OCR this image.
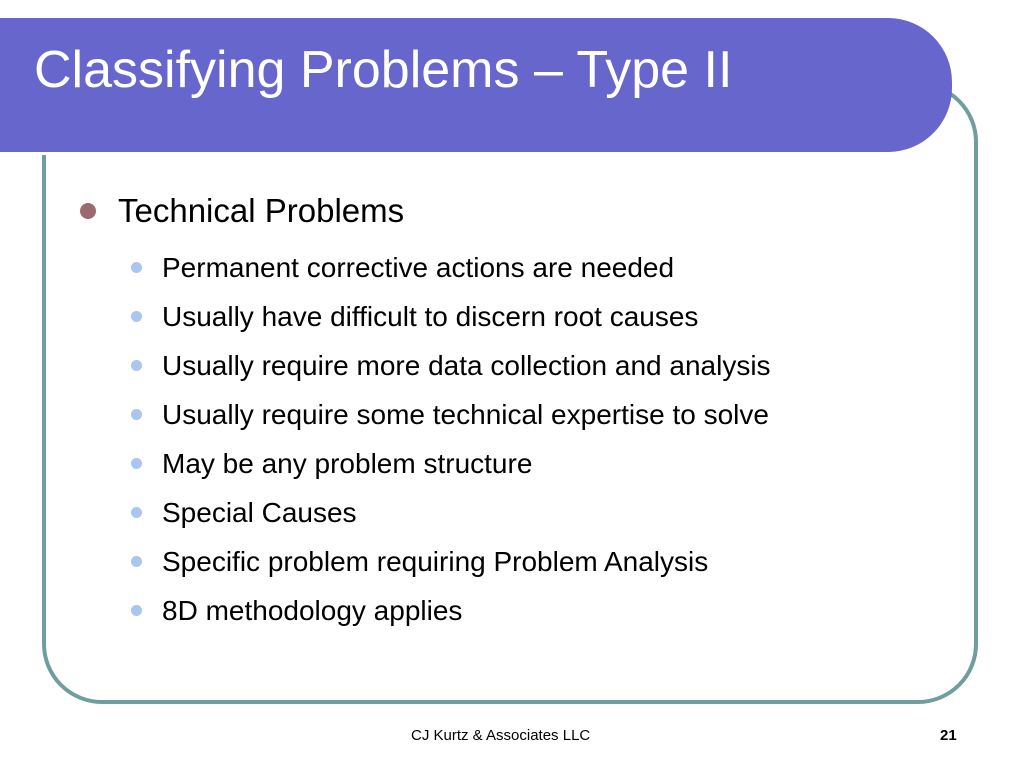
Classifying Problems – Type II
Technical Problems
Permanent corrective actions are needed
Usually have difficult to discern root causes
Usually require more data collection and analysis
Usually require some technical expertise to solve
May be any problem structure
Special Causes
Specific problem requiring Problem Analysis
8D methodology applies
CJ Kurtz & Associates LLC	21
